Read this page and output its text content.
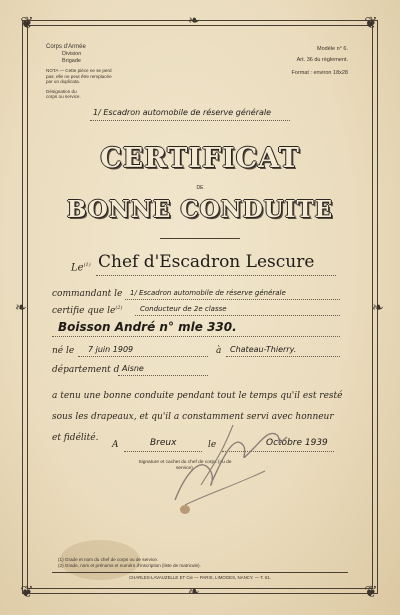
❦	❦
❦	❦
❧
❧
❧	❧
Corps d'Armée
Division
Brigade
NOTA — Cette pièce ne se perd pas; elle ne peut être remplacée par un duplicata.
Désignation du corps ou service.
Modèle n° 6.
Art. 36 du règlement.
Format : environ 18x28
1/ Escadron automobile de réserve générale
CERTIFICAT
DE
BONNE CONDUITE
Le$^{(1)}$ Chef d'Escadron Lescure
commandant le 1/ Escadron automobile de réserve générale
certifie que $le^{(2)}$	Conducteur de 2e classe
Boisson André n° mle 330.
né le 7 juin 1909	à Chateau-Thierry.
département d Aisne
a tenu une bonne conduite pendant tout le temps qu'il est resté
sous les drapeaux, et qu'il a constamment servi avec honneur
et fidélité.
A	Breux	le	Octobre 1939
Signature et cachet du chef de corps (ou de service).
(1) Grade et nom du chef de corps ou de service.
(2) Grade, nom et prénoms et numéro d'inscription (liste de matricule).
CHARLES-LAVAUZELLE ET Cie — PARIS, LIMOGES, NANCY. — T. 61.
